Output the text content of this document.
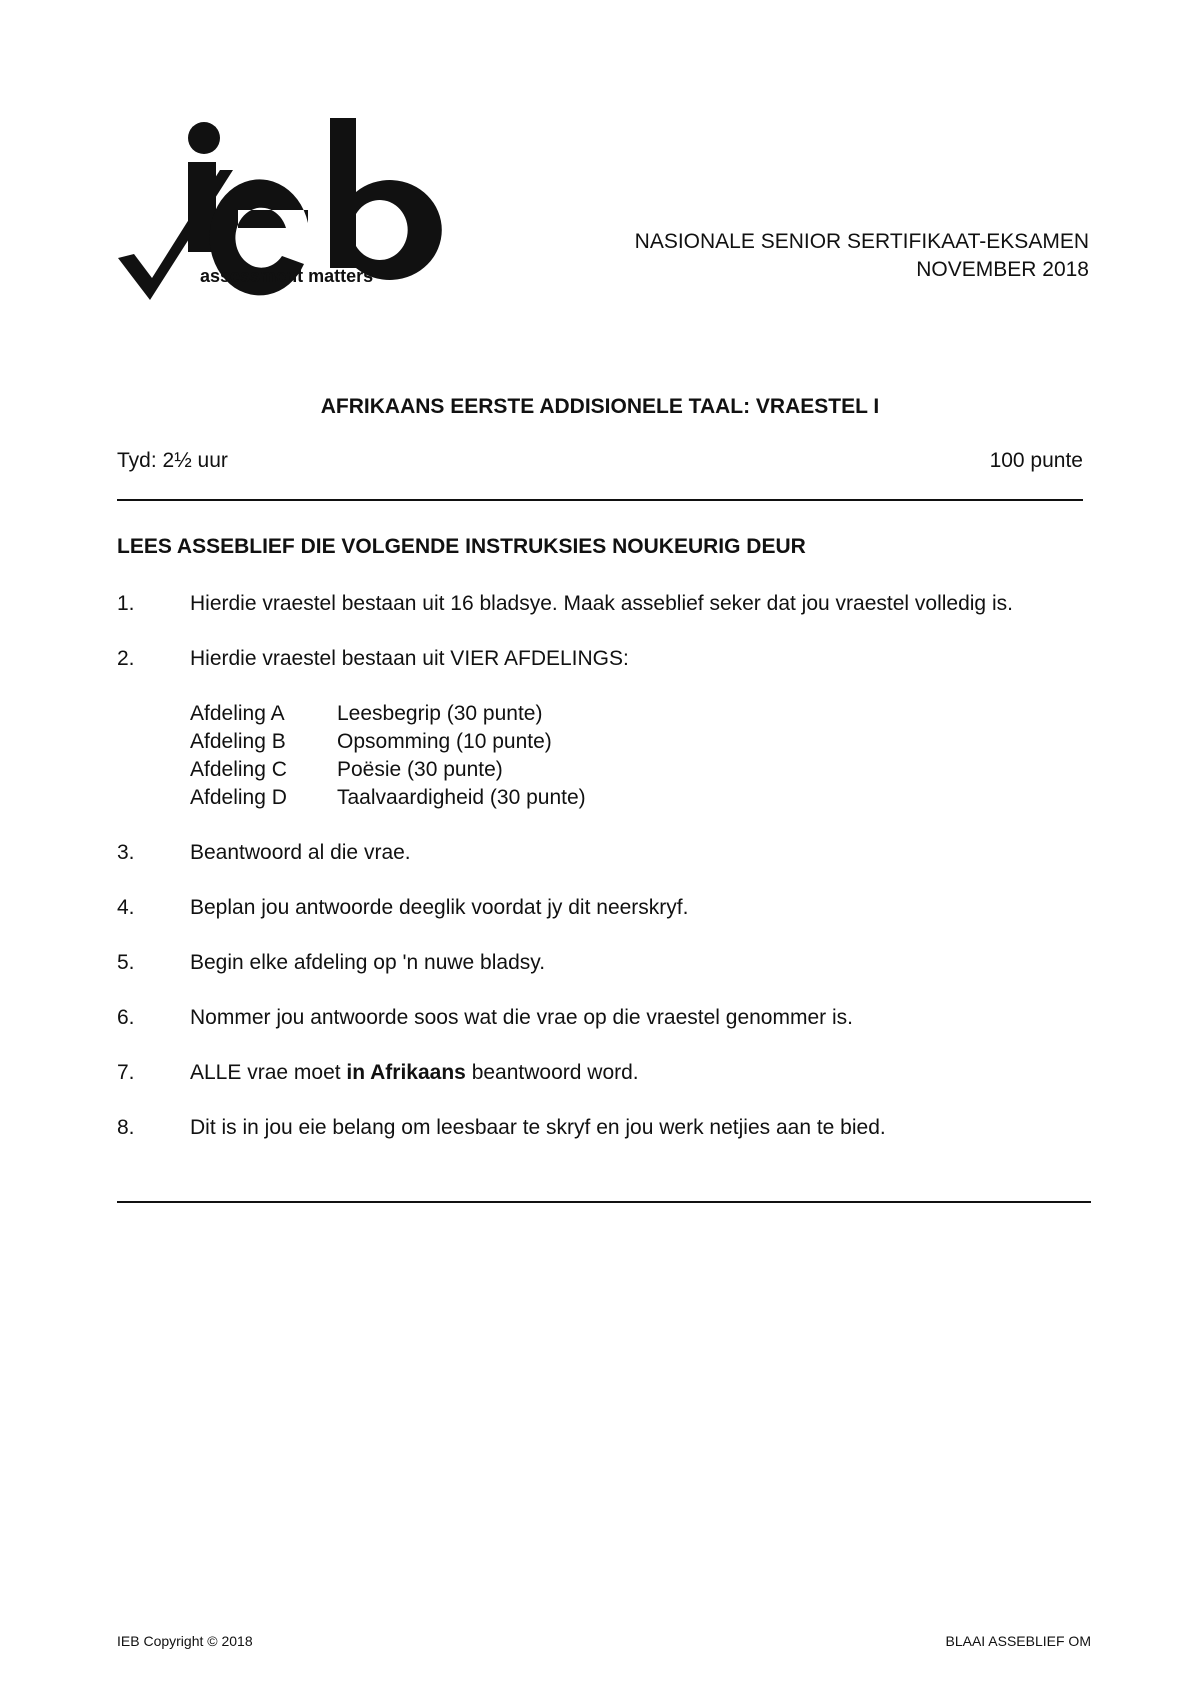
assessment matters
NASIONALE SENIOR SERTIFIKAAT-EKSAMEN
NOVEMBER 2018
AFRIKAANS EERSTE ADDISIONELE TAAL: VRAESTEL I
Tyd: 2½ uur	100 punte
LEES ASSEBLIEF DIE VOLGENDE INSTRUKSIES NOUKEURIG DEUR
1.	Hierdie vraestel bestaan uit 16 bladsye. Maak asseblief seker dat jou vraestel volledig is.
2.	Hierdie vraestel bestaan uit VIER AFDELINGS:
Afdeling A	Leesbegrip (30 punte)
Afdeling B	Opsomming (10 punte)
Afdeling C	Poësie (30 punte)
Afdeling D	Taalvaardigheid (30 punte)
3.	Beantwoord al die vrae.
4.	Beplan jou antwoorde deeglik voordat jy dit neerskryf.
5.	Begin elke afdeling op 'n nuwe bladsy.
6.	Nommer jou antwoorde soos wat die vrae op die vraestel genommer is.
7.	ALLE vrae moet in Afrikaans beantwoord word.
8.	Dit is in jou eie belang om leesbaar te skryf en jou werk netjies aan te bied.
IEB Copyright © 2018	BLAAI ASSEBLIEF OM
